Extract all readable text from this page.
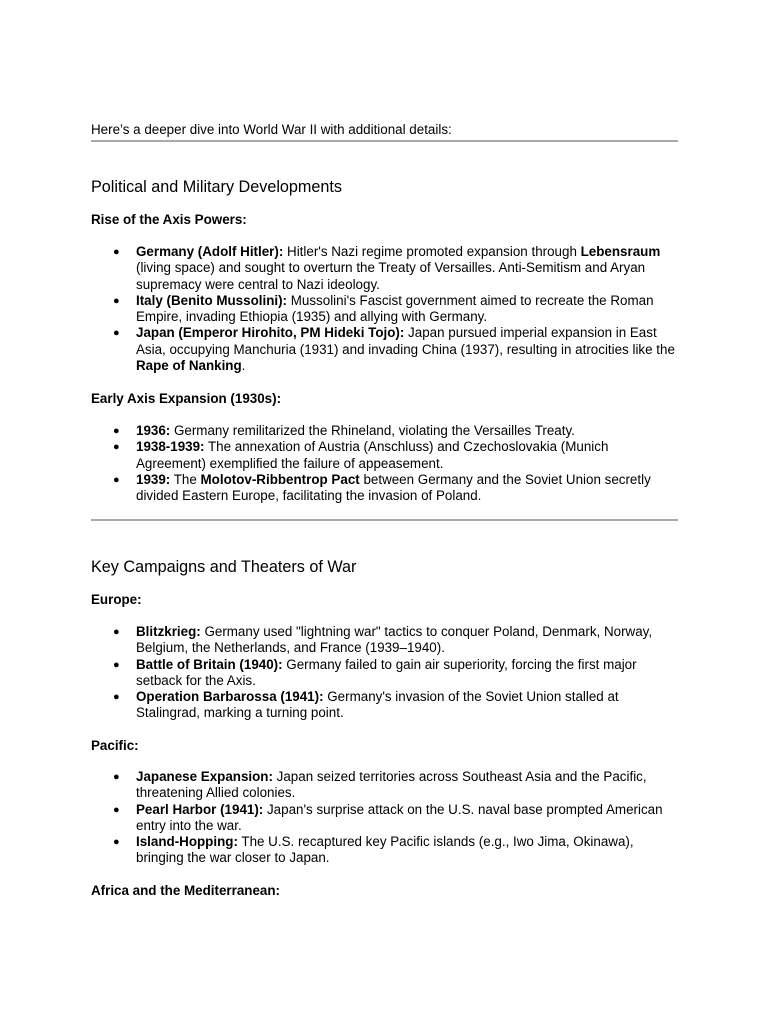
Here’s a deeper dive into World War II with additional details:

Political and Military Developments
Rise of the Axis Powers:
● Germany (Adolf Hitler): Hitler's Nazi regime promoted expansion through Lebensraum (living space) and sought to overturn the Treaty of Versailles. Anti-Semitism and Aryan supremacy were central to Nazi ideology.
● Italy (Benito Mussolini): Mussolini's Fascist government aimed to recreate the Roman Empire, invading Ethiopia (1935) and allying with Germany.
● Japan (Emperor Hirohito, PM Hideki Tojo): Japan pursued imperial expansion in East Asia, occupying Manchuria (1931) and invading China (1937), resulting in atrocities like the Rape of Nanking.
Early Axis Expansion (1930s):
● 1936: Germany remilitarized the Rhineland, violating the Versailles Treaty.
● 1938-1939: The annexation of Austria (Anschluss) and Czechoslovakia (Munich Agreement) exemplified the failure of appeasement.
● 1939: The Molotov-Ribbentrop Pact between Germany and the Soviet Union secretly divided Eastern Europe, facilitating the invasion of Poland.
Key Campaigns and Theaters of War
Europe:
● Blitzkrieg: Germany used "lightning war" tactics to conquer Poland, Denmark, Norway, Belgium, the Netherlands, and France (1939–1940).
● Battle of Britain (1940): Germany failed to gain air superiority, forcing the first major setback for the Axis.
● Operation Barbarossa (1941): Germany's invasion of the Soviet Union stalled at Stalingrad, marking a turning point.
Pacific:
● Japanese Expansion: Japan seized territories across Southeast Asia and the Pacific, threatening Allied colonies.
● Pearl Harbor (1941): Japan's surprise attack on the U.S. naval base prompted American entry into the war.
● Island-Hopping: The U.S. recaptured key Pacific islands (e.g., Iwo Jima, Okinawa), bringing the war closer to Japan.
Africa and the Mediterranean:
